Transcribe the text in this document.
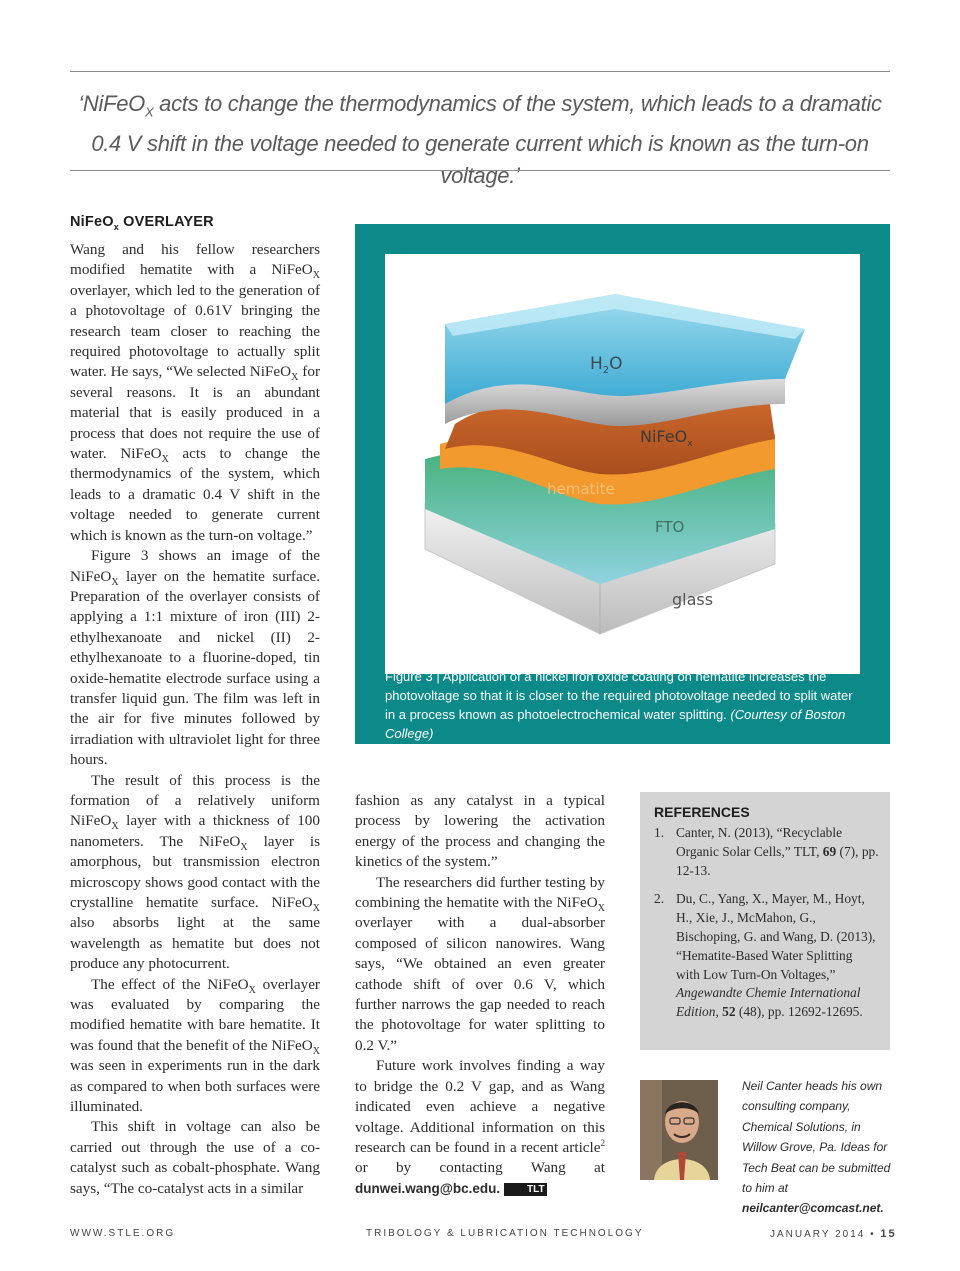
‘NiFeO$_X$ acts to change the thermodynamics of the system, which leads to a dramatic 0.4 V shift in the voltage needed to generate current which is known as the turn-on voltage.’
NiFeO$_x$ OVERLAYER

Wang and his fellow researchers modified hematite with a NiFeO$_X$ overlayer, which led to the generation of a photovoltage of 0.61V bringing the research team closer to reaching the required photovoltage to actually split water. He says, “We selected NiFeO$_X$ for several reasons. It is an abundant material that is easily produced in a process that does not require the use of water. NiFeO$_X$ acts to change the thermodynamics of the system, which leads to a dramatic 0.4 V shift in the voltage needed to generate current which is known as the turn-on voltage.”

Figure 3 shows an image of the NiFeO$_X$ layer on the hematite surface. Preparation of the overlayer consists of applying a 1:1 mixture of iron (III) 2-ethylhexanoate and nickel (II) 2-ethylhexanoate to a fluorine-doped, tin oxide-hematite electrode surface using a transfer liquid gun. The film was left in the air for five minutes followed by irradiation with ultraviolet light for three hours.

The result of this process is the formation of a relatively uniform NiFeO$_X$ layer with a thickness of 100 nanometers. The NiFeO$_X$ layer is amorphous, but transmission electron microscopy shows good contact with the crystalline hematite surface. NiFeO$_X$ also absorbs light at the same wavelength as hematite but does not produce any photocurrent.

The effect of the NiFeO$_X$ overlayer was evaluated by comparing the modified hematite with bare hematite. It was found that the benefit of the NiFeO$_X$ was seen in experiments run in the dark as compared to when both surfaces were illuminated.

This shift in voltage can also be carried out through the use of a co-catalyst such as cobalt-phosphate. Wang says, “The co-catalyst acts in a similar

$H_2O$
NiFeO$_x$
hematite
FTO
glass
Figure 3 | Application of a nickel iron oxide coating on hematite increases the photovoltage so that it is closer to the required photovoltage needed to split water in a process known as photoelectrochemical water splitting. (Courtesy of Boston College)

fashion as any catalyst in a typical process by lowering the activation energy of the process and changing the kinetics of the system.”

The researchers did further testing by combining the hematite with the NiFeO$_X$ overlayer with a dual-absorber composed of silicon nanowires. Wang says, “We obtained an even greater cathode shift of over 0.6 V, which further narrows the gap needed to reach the photovoltage for water splitting to 0.2 V.”

Future work involves finding a way to bridge the 0.2 V gap, and as Wang indicated even achieve a negative voltage. Additional information on this research can be found in a recent article$^2$ or by contacting Wang at dunwei.wang@bc.edu.	TLT

REFERENCES
1. Canter, N. (2013), “Recyclable Organic Solar Cells,” TLT, 69 (7), pp. 12-13.
2. Du, C., Yang, X., Mayer, M., Hoyt, H., Xie, J., McMahon, G., Bischoping, G. and Wang, D. (2013), “Hematite-Based Water Splitting with Low Turn-On Voltages,” Angewandte Chemie International Edition, 52 (48), pp. 12692-12695.
Neil Canter heads his own consulting company, Chemical Solutions, in Willow Grove, Pa. Ideas for Tech Beat can be submitted to him at neilcanter@comcast.net.
WWW.STLE.ORG	TRIBOLOGY & LUBRICATION TECHNOLOGY	JANUARY 2014 • 15
